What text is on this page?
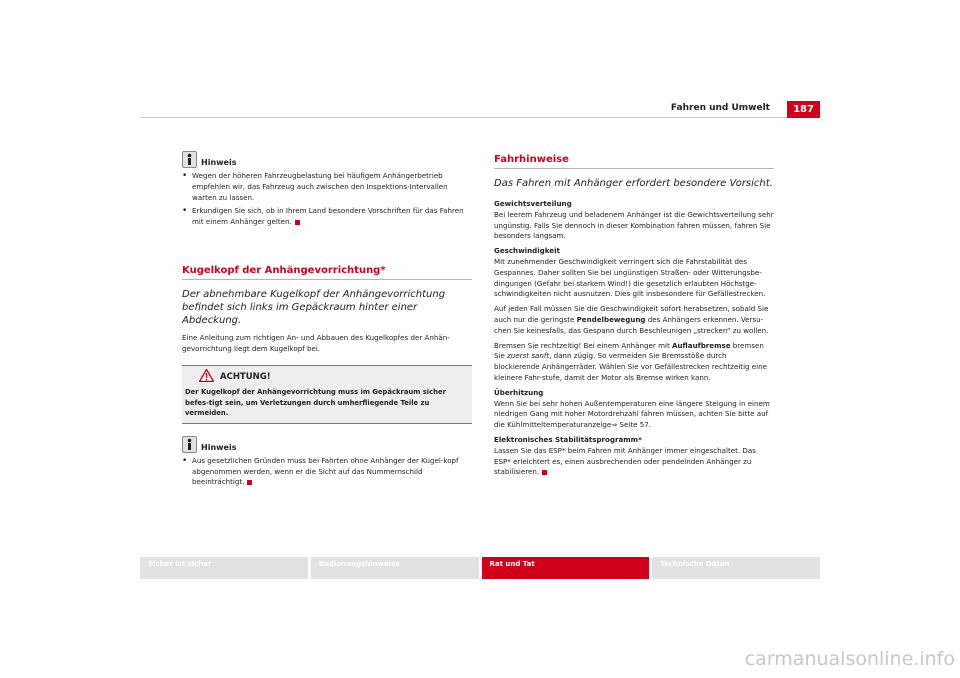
Fahren und Umwelt	187
Hinweis
• Wegen der höheren Fahrzeugbelastung bei häufigem Anhängerbetrieb empfehlen wir, das Fahrzeug auch zwischen den Inspektions-Intervallen warten zu lassen.
• Erkundigen Sie sich, ob in Ihrem Land besondere Vorschriften für das Fahren mit einem Anhänger gelten.
Kugelkopf der Anhängevorrichtung*
Der abnehmbare Kugelkopf der Anhängevorrichtung befindet sich links im Gepäckraum hinter einer Abdeckung.

Eine Anleitung zum richtigen An- und Abbauen des Kugelkopfes der Anhän-gevorrichtung liegt dem Kugelkopf bei.

ACHTUNG!
Der Kugelkopf der Anhängevorrichtung muss im Gepäckraum sicher befes-tigt sein, um Verletzungen durch umherfliegende Teile zu vermeiden.
Hinweis
• Aus gesetzlichen Gründen muss bei Fahrten ohne Anhänger der Kugel-kopf abgenommen werden, wenn er die Sicht auf das Nummernschild beeinträchtigt.
Fahrhinweise
Das Fahren mit Anhänger erfordert besondere Vorsicht.
Gewichtsverteilung

Bei leerem Fahrzeug und beladenem Anhänger ist die Gewichtsverteilung sehr ungünstig. Falls Sie dennoch in dieser Kombination fahren müssen, fahren Sie besonders langsam.

Geschwindigkeit

Mit zunehmender Geschwindigkeit verringert sich die Fahrstabilität des Gespannes. Daher sollten Sie bei ungünstigen Straßen- oder Witterungsbe-dingungen (Gefahr bei starkem Wind!) die gesetzlich erlaubten Höchstge-schwindigkeiten nicht ausnutzen. Dies gilt insbesondere für Gefällestrecken.

Auf jeden Fall müssen Sie die Geschwindigkeit sofort herabsetzen, sobald Sie auch nur die geringste Pendelbewegung des Anhängers erkennen. Versu-chen Sie keinesfalls, das Gespann durch Beschleunigen „strecken“ zu wollen.

Bremsen Sie rechtzeitig! Bei einem Anhänger mit Auflaufbremse bremsen Sie zuerst sanft, dann zügig. So vermeiden Sie Bremsstöße durch blockierende Anhängerräder. Wählen Sie vor Gefällestrecken rechtzeitig eine kleinere Fahr-stufe, damit der Motor als Bremse wirken kann.

Überhitzung

Wenn Sie bei sehr hohen Außentemperaturen eine längere Steigung in einem niedrigen Gang mit hoher Motordrehzahl fahren müssen, achten Sie bitte auf die Kühlmitteltemperaturanzeige⇒ Seite 57.

Elektronisches Stabilitätsprogramm*

Lassen Sie das ESP* beim Fahren mit Anhänger immer eingeschaltet. Das ESP* erleichtert es, einen ausbrechenden oder pendelnden Anhänger zu stabilisieren.

Sicher ist sicher	Bedienungshinweise	Rat und Tat	Technische Daten
carmanualsonline.info
